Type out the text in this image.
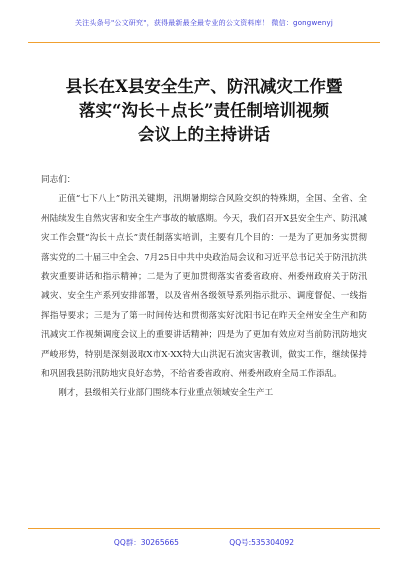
关注头条号"公文研究"，获得最新最全最专业的公文资料库！ 微信：gongwenyj
县长在X县安全生产、防汛减灾工作暨
落实“沟长＋点长”责任制培训视频
会议上的主持讲话

同志们：

正值“七下八上”防汛关键期，汛期暑期综合风险交织的特殊期，全国、全省、全州陆续发生自然灾害和安全生产事故的敏感期。今天，我们召开X县安全生产、防汛减灾工作会暨“沟长＋点长”责任制落实培训，主要有几个目的：一是为了更加务实贯彻落实党的二十届三中全会、7月25日中共中央政治局会议和习近平总书记关于防汛抗洪救灾重要讲话和指示精神；二是为了更加贯彻落实省委省政府、州委州政府关于防汛减灾、安全生产系列安排部署，以及省州各级领导系列指示批示、调度督促、一线指挥指导要求；三是为了第一时间传达和贯彻落实好沈阳书记在昨天全州安全生产和防汛减灾工作视频调度会议上的重要讲话精神；四是为了更加有效应对当前防汛防地灾严峻形势，特别是深刻汲取X市X·XX特大山洪泥石流灾害教训，做实工作，继续保持和巩固我县防汛防地灾良好态势，不给省委省政府、州委州政府全局工作添乱。

刚才，县级相关行业部门围绕本行业重点领域安全生产工

QQ群：30265665	QQ号:535304092
